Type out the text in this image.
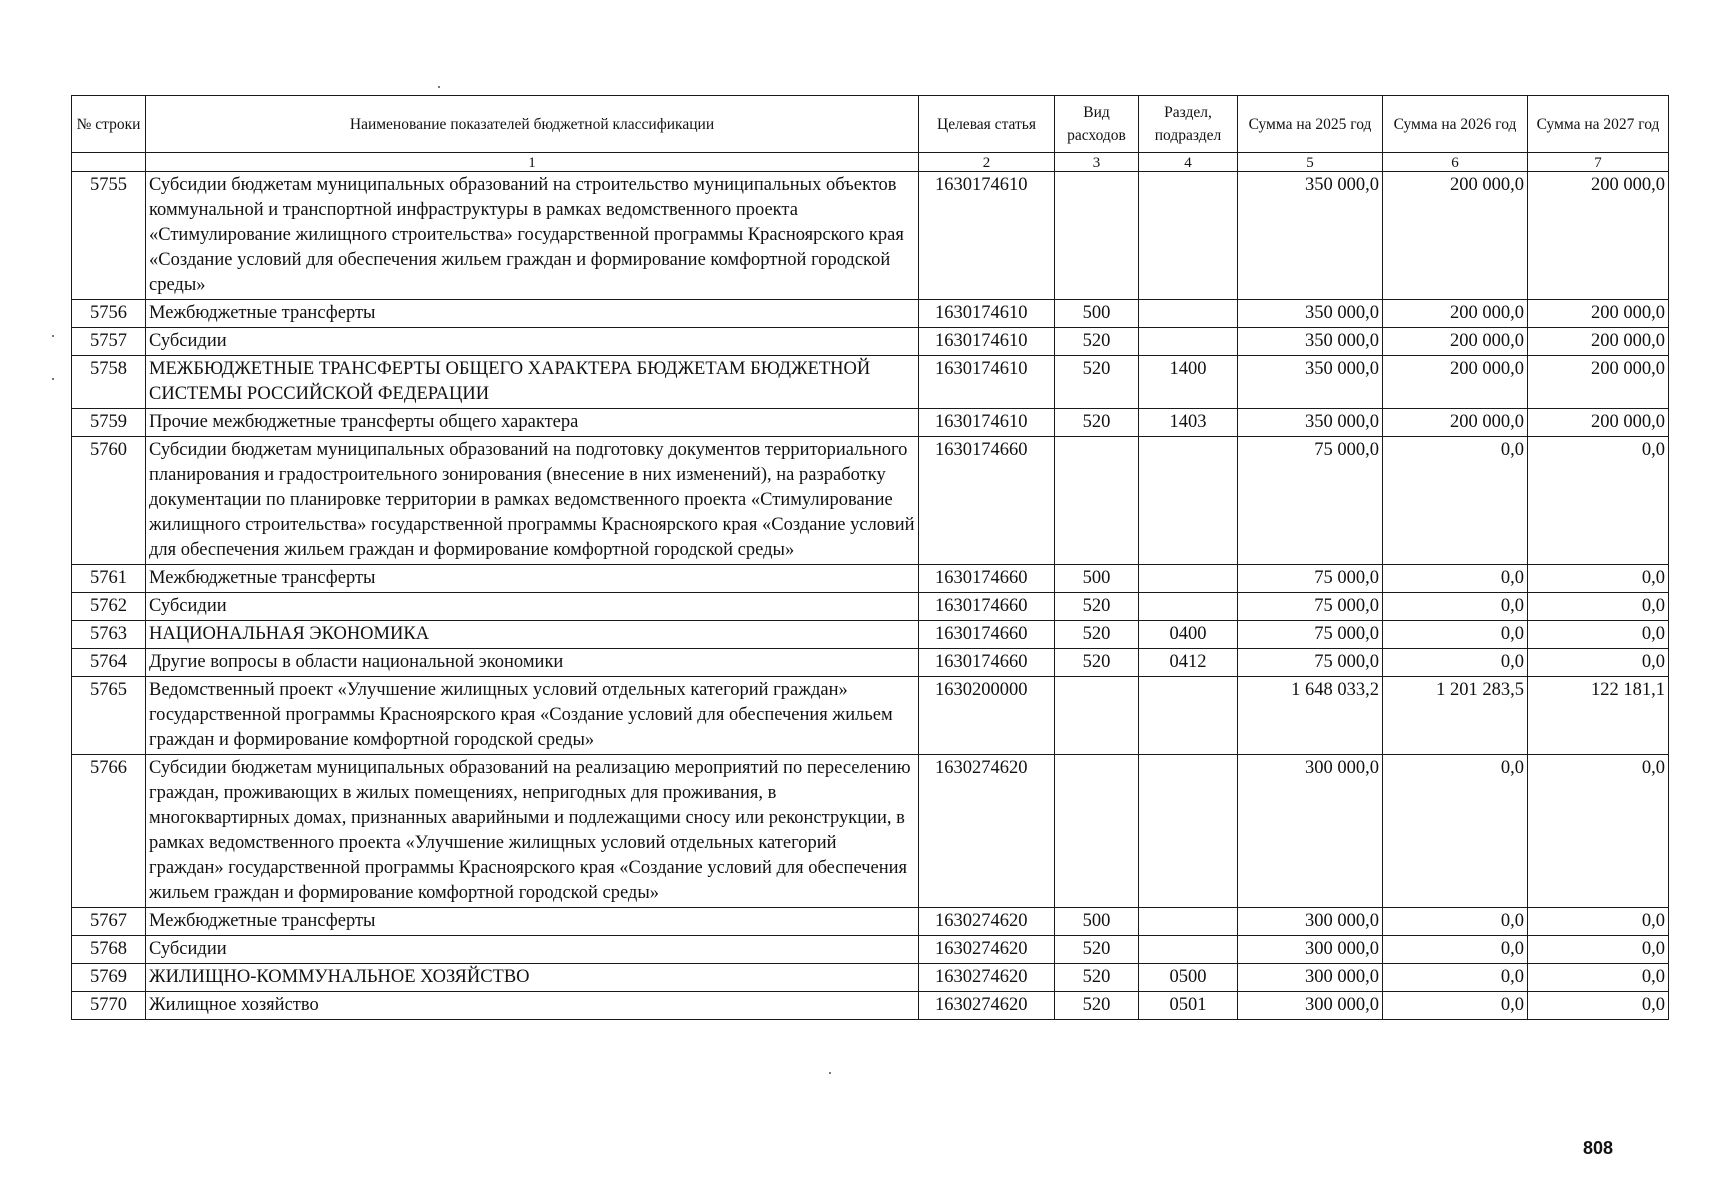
№ строки	Наименование показателей бюджетной классификации	Целевая статья	Вид расходов	Раздел, подраздел	Сумма на 2025 год	Сумма на 2026 год	Сумма на 2027 год
	1	2	3	4	5	6	7
5755	Субсидии бюджетам муниципальных образований на строительство муниципальных объектов коммунальной и транспортной инфраструктуры в рамках ведомственного проекта «Стимулирование жилищного строительства» государственной программы Красноярского края «Создание условий для обеспечения жильем граждан и формирование комфортной городской среды»	1630174610			350 000,0	200 000,0	200 000,0
5756	Межбюджетные трансферты	1630174610	500		350 000,0	200 000,0	200 000,0
5757	Субсидии	1630174610	520		350 000,0	200 000,0	200 000,0
5758	МЕЖБЮДЖЕТНЫЕ ТРАНСФЕРТЫ ОБЩЕГО ХАРАКТЕРА БЮДЖЕТАМ БЮДЖЕТНОЙ СИСТЕМЫ РОССИЙСКОЙ ФЕДЕРАЦИИ	1630174610	520	1400	350 000,0	200 000,0	200 000,0
5759	Прочие межбюджетные трансферты общего характера	1630174610	520	1403	350 000,0	200 000,0	200 000,0
5760	Субсидии бюджетам муниципальных образований на подготовку документов территориального планирования и градостроительного зонирования (внесение в них изменений), на разработку документации по планировке территории в рамках ведомственного проекта «Стимулирование жилищного строительства» государственной программы Красноярского края «Создание условий для обеспечения жильем граждан и формирование комфортной городской среды»	1630174660			75 000,0	0,0	0,0
5761	Межбюджетные трансферты	1630174660	500		75 000,0	0,0	0,0
5762	Субсидии	1630174660	520		75 000,0	0,0	0,0
5763	НАЦИОНАЛЬНАЯ ЭКОНОМИКА	1630174660	520	0400	75 000,0	0,0	0,0
5764	Другие вопросы в области национальной экономики	1630174660	520	0412	75 000,0	0,0	0,0
5765	Ведомственный проект «Улучшение жилищных условий отдельных категорий граждан» государственной программы Красноярского края «Создание условий для обеспечения жильем граждан и формирование комфортной городской среды»	1630200000			1 648 033,2	1 201 283,5	122 181,1
5766	Субсидии бюджетам муниципальных образований на реализацию мероприятий по переселению граждан, проживающих в жилых помещениях, непригодных для проживания, в многоквартирных домах, признанных аварийными и подлежащими сносу или реконструкции, в рамках ведомственного проекта «Улучшение жилищных условий отдельных категорий граждан» государственной программы Красноярского края «Создание условий для обеспечения жильем граждан и формирование комфортной городской среды»	1630274620			300 000,0	0,0	0,0
5767	Межбюджетные трансферты	1630274620	500		300 000,0	0,0	0,0
5768	Субсидии	1630274620	520		300 000,0	0,0	0,0
5769	ЖИЛИЩНО-КОММУНАЛЬНОЕ ХОЗЯЙСТВО	1630274620	520	0500	300 000,0	0,0	0,0
5770	Жилищное хозяйство	1630274620	520	0501	300 000,0	0,0	0,0
808
